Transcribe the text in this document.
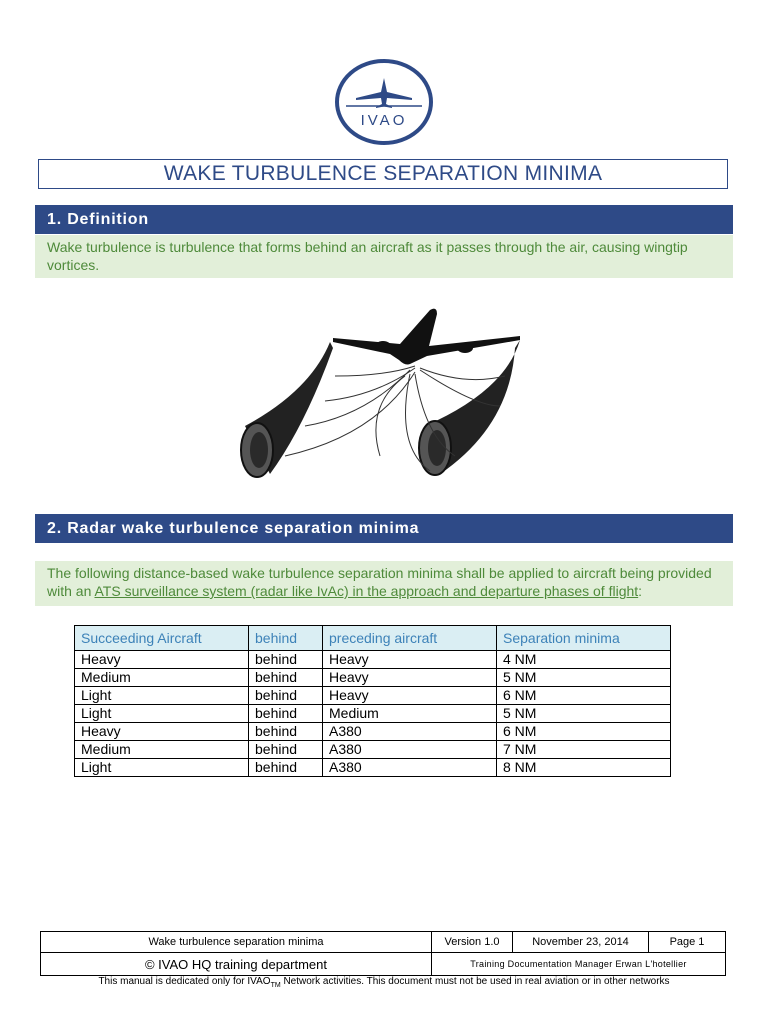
IVAO
WAKE TURBULENCE SEPARATION MINIMA
1. Definition
Wake turbulence is turbulence that forms behind an aircraft as it passes through the air, causing wingtip vortices.
2. Radar wake turbulence separation minima
The following distance-based wake turbulence separation minima shall be applied to aircraft being provided with an ATS surveillance system (radar like IvAc) in the approach and departure phases of flight:
Succeeding Aircraft	behind	preceding aircraft	Separation minima
Heavy	behind	Heavy	4 NM
Medium	behind	Heavy	5 NM
Light	behind	Heavy	6 NM
Light	behind	Medium	5 NM
Heavy	behind	A380	6 NM
Medium	behind	A380	7 NM
Light	behind	A380	8 NM
Wake turbulence separation minima	Version 1.0	November 23, 2014	Page 1
© IVAO HQ training department	Training Documentation Manager Erwan L'hotellier		
This manual is dedicated only for $IVAO_{TM}$ Network activities. This document must not be used in real aviation or in other networks
